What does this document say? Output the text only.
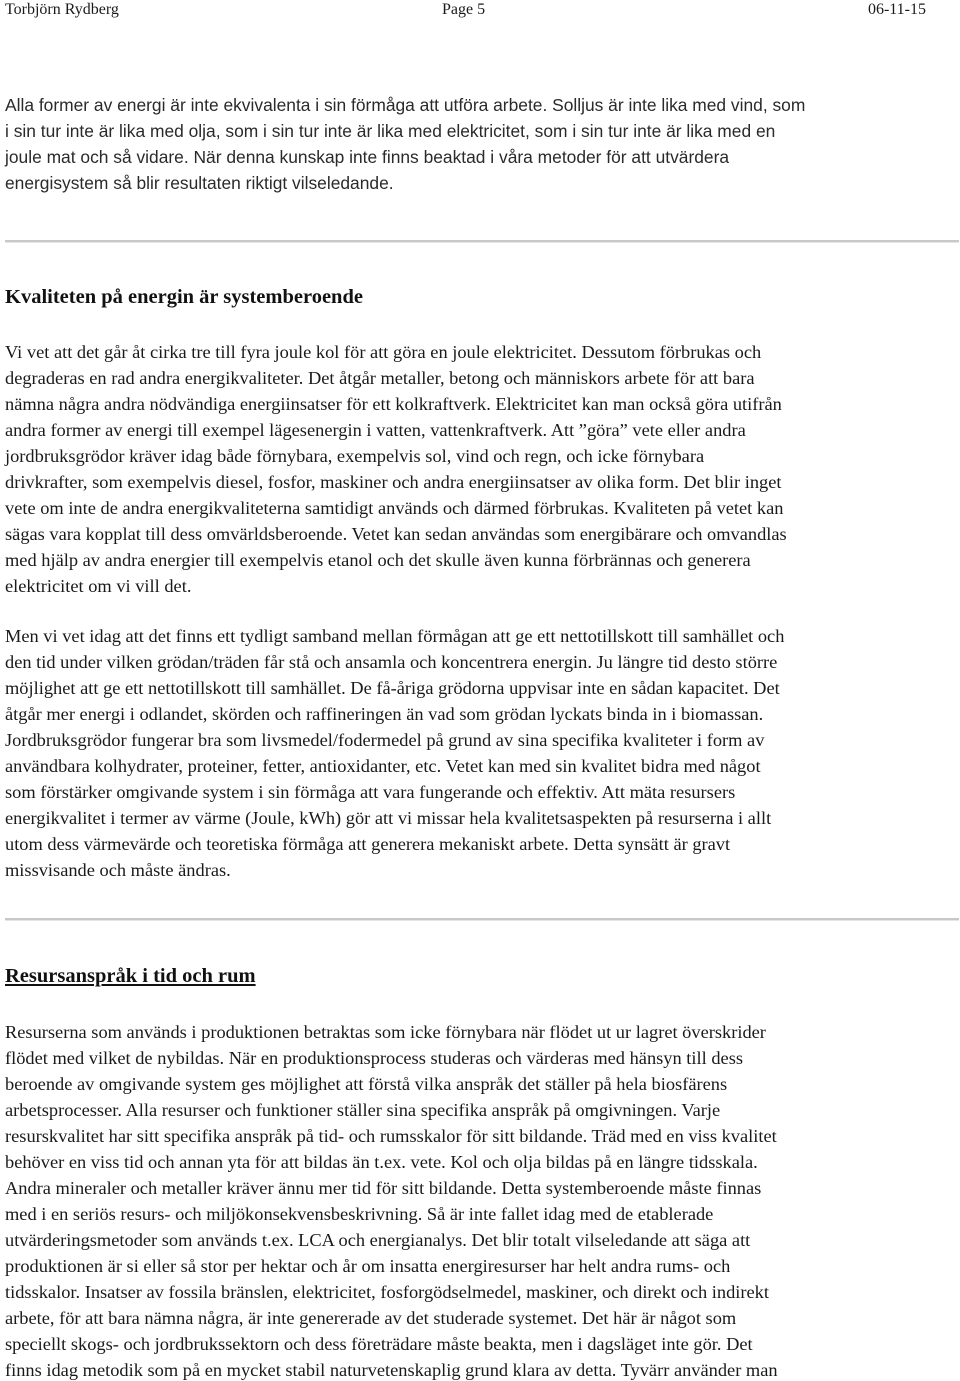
Torbjörn Rydberg	Page 5	06-11-15

Alla former av energi är inte ekvivalenta i sin förmåga att utföra arbete. Solljus är inte lika med vind, som
i sin tur inte är lika med olja, som i sin tur inte är lika med elektricitet, som i sin tur inte är lika med en
joule mat och så vidare. När denna kunskap inte finns beaktad i våra metoder för att utvärdera
energisystem så blir resultaten riktigt vilseledande.

Kvaliteten på energin är systemberoende

Vi vet att det går åt cirka tre till fyra joule kol för att göra en joule elektricitet. Dessutom förbrukas och
degraderas en rad andra energikvaliteter. Det åtgår metaller, betong och människors arbete för att bara
nämna några andra nödvändiga energiinsatser för ett kolkraftverk. Elektricitet kan man också göra utifrån
andra former av energi till exempel lägesenergin i vatten, vattenkraftverk. Att ”göra” vete eller andra
jordbruksgrödor kräver idag både förnybara, exempelvis sol, vind och regn, och icke förnybara
drivkrafter, som exempelvis diesel, fosfor, maskiner och andra energiinsatser av olika form. Det blir inget
vete om inte de andra energikvaliteterna samtidigt används och därmed förbrukas. Kvaliteten på vetet kan
sägas vara kopplat till dess omvärldsberoende. Vetet kan sedan användas som energibärare och omvandlas
med hjälp av andra energier till exempelvis etanol och det skulle även kunna förbrännas och generera
elektricitet om vi vill det.

Men vi vet idag att det finns ett tydligt samband mellan förmågan att ge ett nettotillskott till samhället och
den tid under vilken grödan/träden får stå och ansamla och koncentrera energin. Ju längre tid desto större
möjlighet att ge ett nettotillskott till samhället. De få-åriga grödorna uppvisar inte en sådan kapacitet. Det
åtgår mer energi i odlandet, skörden och raffineringen än vad som grödan lyckats binda in i biomassan.
Jordbruksgrödor fungerar bra som livsmedel/fodermedel på grund av sina specifika kvaliteter i form av
användbara kolhydrater, proteiner, fetter, antioxidanter, etc. Vetet kan med sin kvalitet bidra med något
som förstärker omgivande system i sin förmåga att vara fungerande och effektiv. Att mäta resursers
energikvalitet i termer av värme (Joule, kWh) gör att vi missar hela kvalitetsaspekten på resurserna i allt
utom dess värmevärde och teoretiska förmåga att generera mekaniskt arbete. Detta synsätt är gravt
missvisande och måste ändras.

Resursanspråk i tid och rum

Resurserna som används i produktionen betraktas som icke förnybara när flödet ut ur lagret överskrider
flödet med vilket de nybildas. När en produktionsprocess studeras och värderas med hänsyn till dess
beroende av omgivande system ges möjlighet att förstå vilka anspråk det ställer på hela biosfärens
arbetsprocesser. Alla resurser och funktioner ställer sina specifika anspråk på omgivningen. Varje
resurskvalitet har sitt specifika anspråk på tid- och rumsskalor för sitt bildande. Träd med en viss kvalitet
behöver en viss tid och annan yta för att bildas än t.ex. vete. Kol och olja bildas på en längre tidsskala.
Andra mineraler och metaller kräver ännu mer tid för sitt bildande. Detta systemberoende måste finnas
med i en seriös resurs- och miljökonsekvensbeskrivning. Så är inte fallet idag med de etablerade
utvärderingsmetoder som används t.ex. LCA och energianalys. Det blir totalt vilseledande att säga att
produktionen är si eller så stor per hektar och år om insatta energiresurser har helt andra rums- och
tidsskalor. Insatser av fossila bränslen, elektricitet, fosforgödselmedel, maskiner, och direkt och indirekt
arbete, för att bara nämna några, är inte genererade av det studerade systemet. Det här är något som
speciellt skogs- och jordbrukssektorn och dess företrädare måste beakta, men i dagsläget inte gör. Det
finns idag metodik som på en mycket stabil naturvetenskaplig grund klara av detta. Tyvärr använder man
